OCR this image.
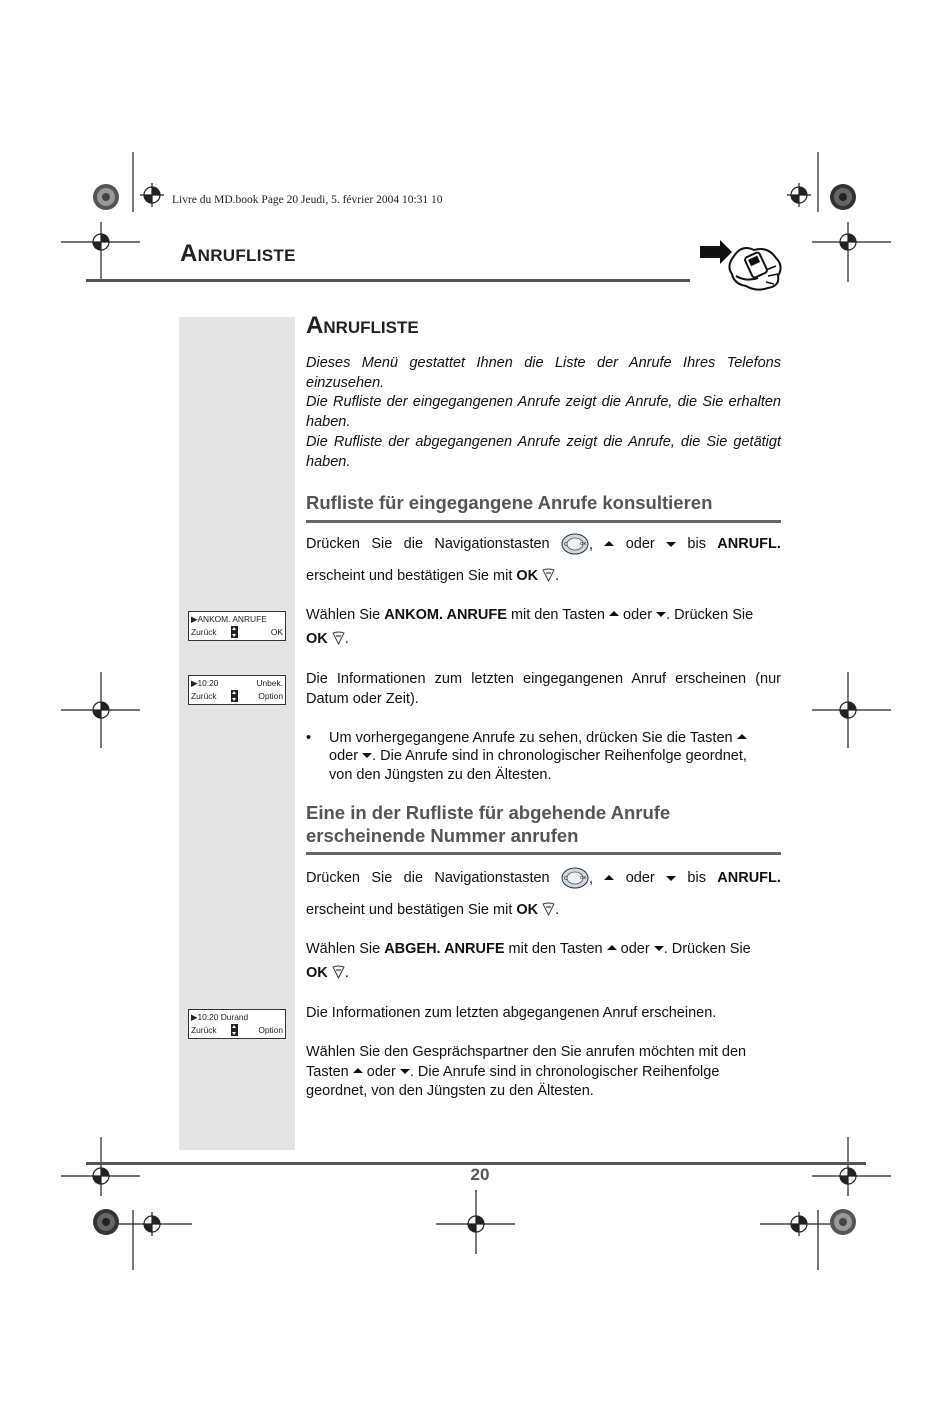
Livre du MD.book Page 20 Jeudi, 5. février 2004 10:31 10
Anrufliste
Anrufliste

Dieses Menü gestattet Ihnen die Liste der Anrufe Ihres Telefons einzusehen.

Die Rufliste der eingegangenen Anrufe zeigt die Anrufe, die Sie erhalten haben.

Die Rufliste der abgegangenen Anrufe zeigt die Anrufe, die Sie getätigt haben.

Rufliste für eingegangene Anrufe konsultieren
Drücken Sie die Navigationstasten	C	OK , oder bis ANRUFL.
erscheint und bestätigen Sie mit OK .
▶ANKOM. ANRUFE
Zurück	OK

Wählen Sie ANKOM. ANRUFE mit den Tasten oder . Drücken Sie

OK .

▶10:20	Unbek.
Zurück	Option
Die Informationen zum letzten eingegangenen Anruf erscheinen (nur Datum oder Zeit).
• Um vorhergegangene Anrufe zu sehen, drücken Sie die Tasten
oder . Die Anrufe sind in chronologischer Reihenfolge geordnet,
von den Jüngsten zu den Ältesten.
Eine in der Rufliste für abgehende Anrufe
erscheinende Nummer anrufen
Drücken Sie die Navigationstasten	C	OK , oder bis ANRUFL.
erscheint und bestätigen Sie mit OK .

Wählen Sie ABGEH. ANRUFE mit den Tasten oder . Drücken Sie

OK .

▶10:20 Durand
Zurück	Option
Die Informationen zum letzten abgegangenen Anruf erscheinen.

Wählen Sie den Gesprächspartner den Sie anrufen möchten mit den

Tasten oder . Die Anrufe sind in chronologischer Reihenfolge

geordnet, von den Jüngsten zu den Ältesten.

20
